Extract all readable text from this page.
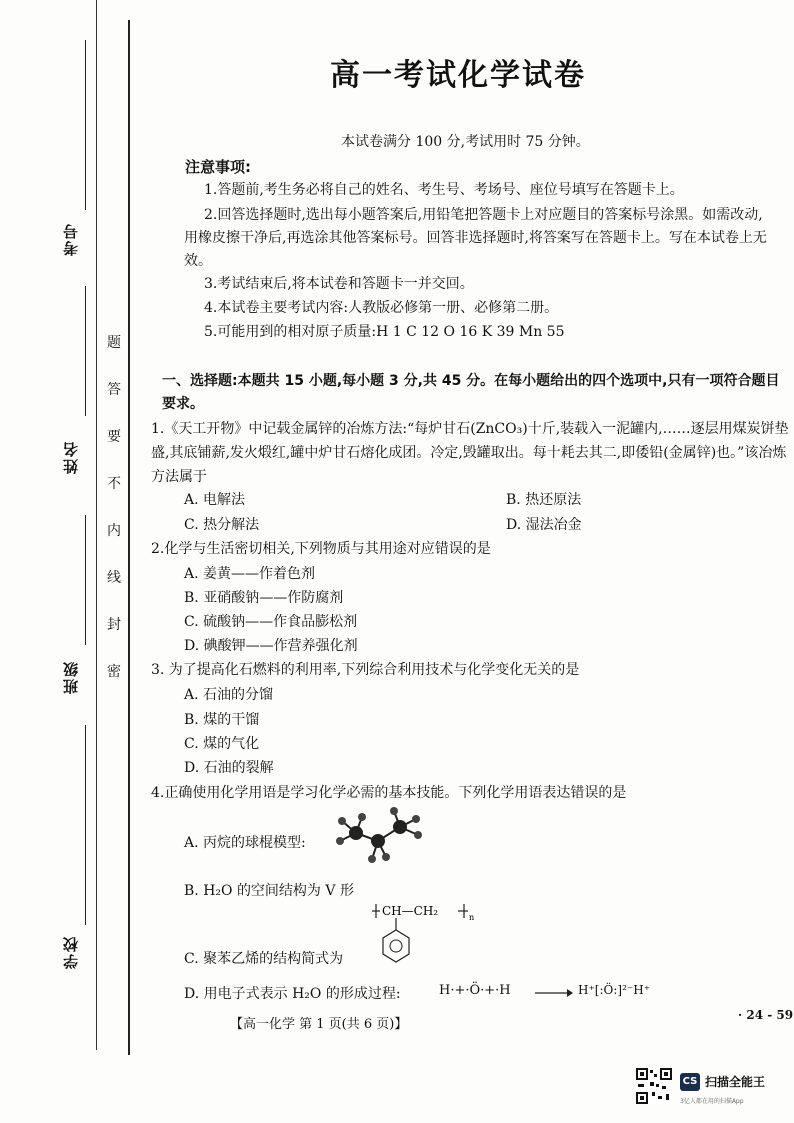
考号
姓名
班级
学校
题
答
要
不
内
线
封
密
高一考试化学试卷
本试卷满分 100 分,考试用时 75 分钟。
注意事项:
1.答题前,考生务必将自己的姓名、考生号、考场号、座位号填写在答题卡上。
2.回答选择题时,选出每小题答案后,用铅笔把答题卡上对应题目的答案标号涂黑。如需改动,用橡皮擦干净后,再选涂其他答案标号。回答非选择题时,将答案写在答题卡上。写在本试卷上无效。
3.考试结束后,将本试卷和答题卡一并交回。
4.本试卷主要考试内容:人教版必修第一册、必修第二册。
5.可能用到的相对原子质量:H 1 C 12 O 16 K 39 Mn 55
一、选择题:本题共 15 小题,每小题 3 分,共 45 分。在每小题给出的四个选项中,只有一项符合题目要求。
1.《天工开物》中记载金属锌的冶炼方法:“每炉甘石(ZnCO₃)十斤,装载入一泥罐内,……逐层用煤炭饼垫盛,其底铺薪,发火煅红,罐中炉甘石熔化成团。冷定,毁罐取出。每十耗去其二,即倭铅(金属锌)也。”该冶炼方法属于
A. 电解法	B. 热还原法
C. 热分解法	D. 湿法冶金
2.化学与生活密切相关,下列物质与其用途对应错误的是
A. 姜黄——作着色剂
B. 亚硝酸钠——作防腐剂
C. 硫酸钠——作食品膨松剂
D. 碘酸钾——作营养强化剂
3. 为了提高化石燃料的利用率,下列综合利用技术与化学变化无关的是
A. 石油的分馏
B. 煤的干馏
C. 煤的气化
D. 石油的裂解
4.正确使用化学用语是学习化学必需的基本技能。下列化学用语表达错误的是
A. 丙烷的球棍模型:
B. H₂O 的空间结构为 V 形
CH—CH₂	n
C. 聚苯乙烯的结构简式为
D. 用电子式表示 H₂O 的形成过程:	H·+·Ö·+·H → H⁺[:Ö:]²⁻H⁺
【高一化学 第 1 页(共 6 页)】
· 24 - 59
CS 扫描全能王
3亿人都在用的扫描App
